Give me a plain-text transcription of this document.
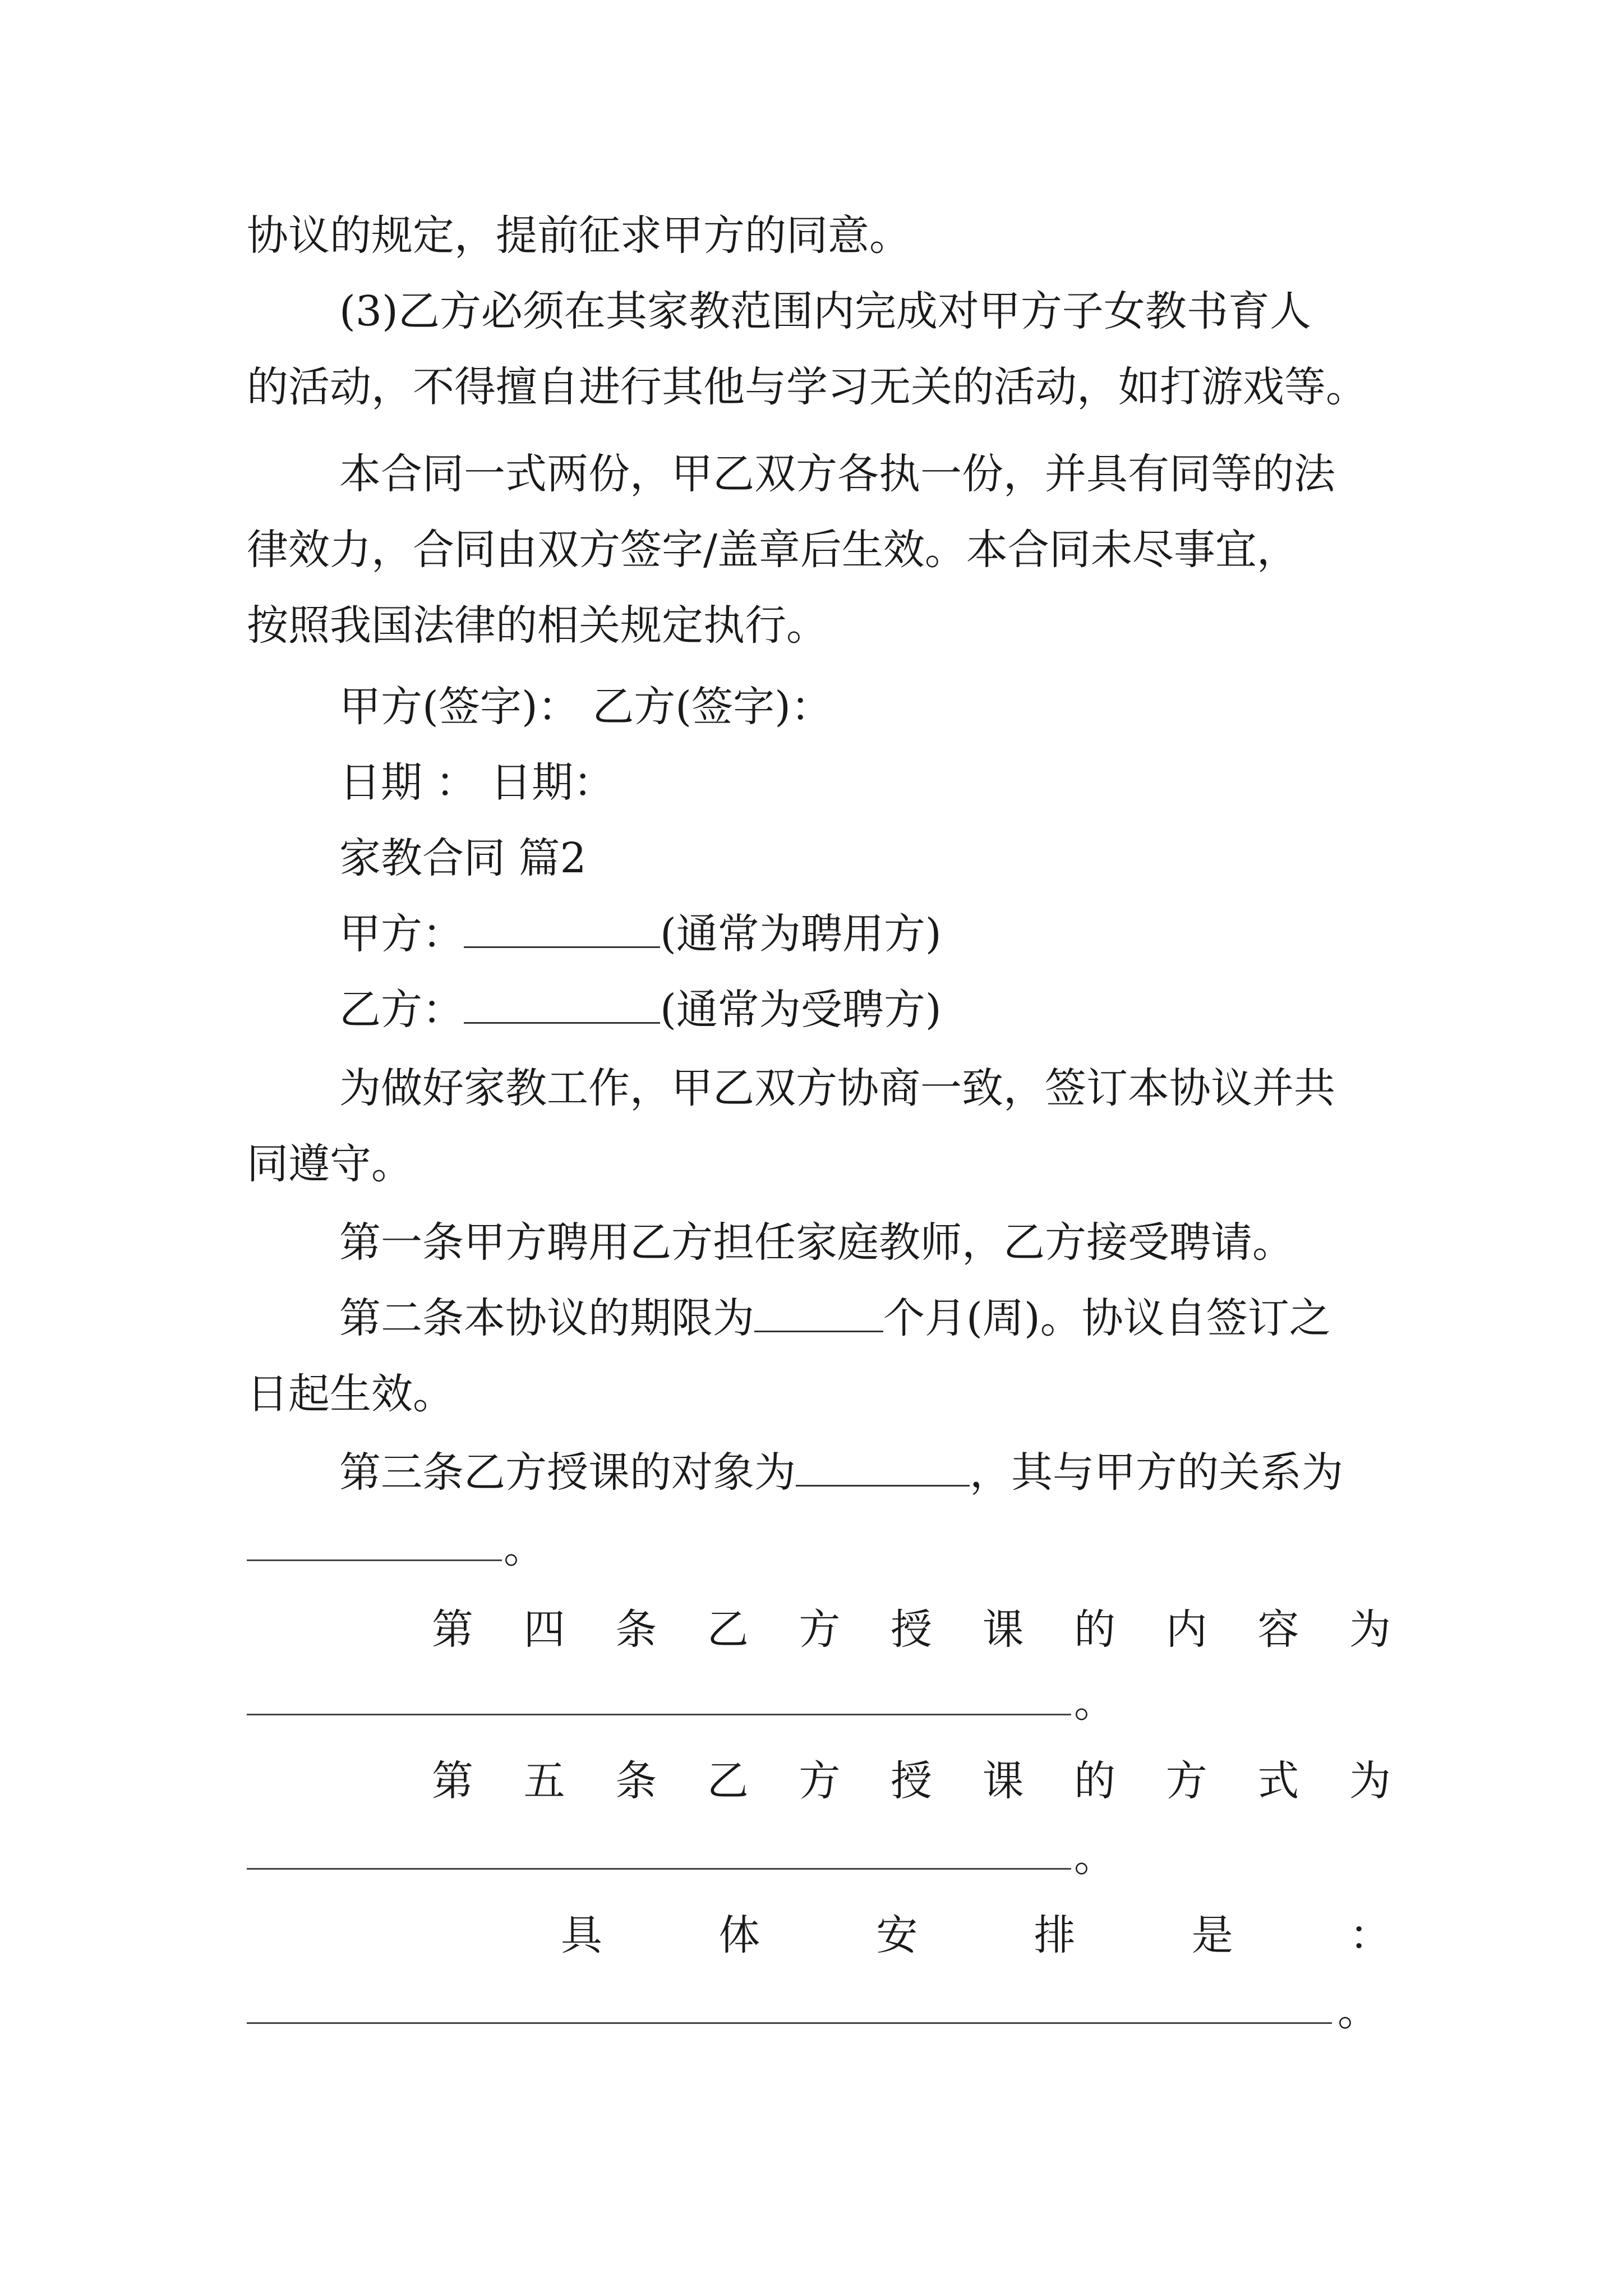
协议的规定，提前征求甲方的同意。
(3)乙方必须在其家教范围内完成对甲方子女教书育人
的活动，不得擅自进行其他与学习无关的活动，如打游戏等。
本合同一式两份，甲乙双方各执一份，并具有同等的法
律效力，合同由双方签字/盖章后生效。本合同未尽事宜，
按照我国法律的相关规定执行。
甲方(签字)： 乙方(签字)：
日期 ： 日期：
家教合同 篇2
甲方：	(通常为聘用方)
乙方：	(通常为受聘方)
为做好家教工作，甲乙双方协商一致，签订本协议并共
同遵守。
第一条甲方聘用乙方担任家庭教师，乙方接受聘请。
第二条本协议的期限为	个月(周)。协议自签订之
日起生效。
第三条乙方授课的对象为	，其与甲方的关系为
。
第 四 条 乙 方 授 课 的 内 容 为
。
第 五 条 乙 方 授 课 的 方 式 为
。
具	体	安	排	是	：
。
